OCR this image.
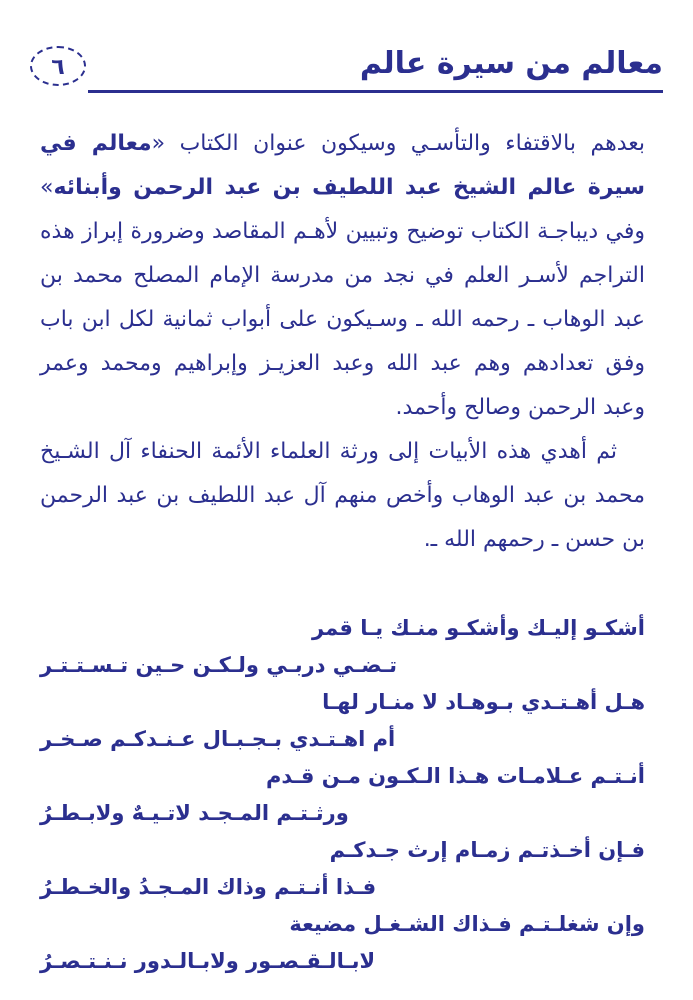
معالم من سيرة عالم
٦

بعدهم بالاقتفاء والتأسـي وسيكون عنوان الكتاب «معالم في سيرة عالم الشيخ عبد اللطيف بن عبد الرحمن وأبنائه» وفي ديباجـة الكتاب توضيح وتبيين لأهـم المقاصد وضرورة إبراز هذه التراجم لأسـر العلم في نجد من مدرسة الإمام المصلح محمد بن عبد الوهاب ـ رحمه الله ـ وسـيكون على أبواب ثمانية لكل ابن باب وفق تعدادهم وهم عبد الله وعبد العزيـز وإبراهيم ومحمد وعمر وعبد الرحمن وصالح وأحمد.

ثم أهدي هذه الأبيات إلى ورثة العلماء الأئمة الحنفاء آل الشـيخ محمد بن عبد الوهاب وأخص منهم آل عبد اللطيف بن عبد الرحمن بن حسن ـ رحمهم الله ـ.

أشكـو إليـك وأشكـو منـك يـا قمر

تـضـي دربـي ولـكـن حـين تـسـتـتـر

هـل أهـتـدي بـوهـاد لا منـار لهـا

أم اهـتـدي بـجـبـال عـنـدكـم صـخـر

أنـتـم عـلامـات هـذا الـكـون مـن قـدم

ورثـتـم المـجـد لاتـيـهٌ ولابـطـرُ

فـإن أخـذتـم زمـام إرث جـدكـم

فـذا أنـتـم وذاك المـجـدُ والخـطـرُ

وإن شغلـتـم فـذاك الشـغـل مضيعة

لابـالـقـصـور ولابـالـدور نـنـتـصـرُ
